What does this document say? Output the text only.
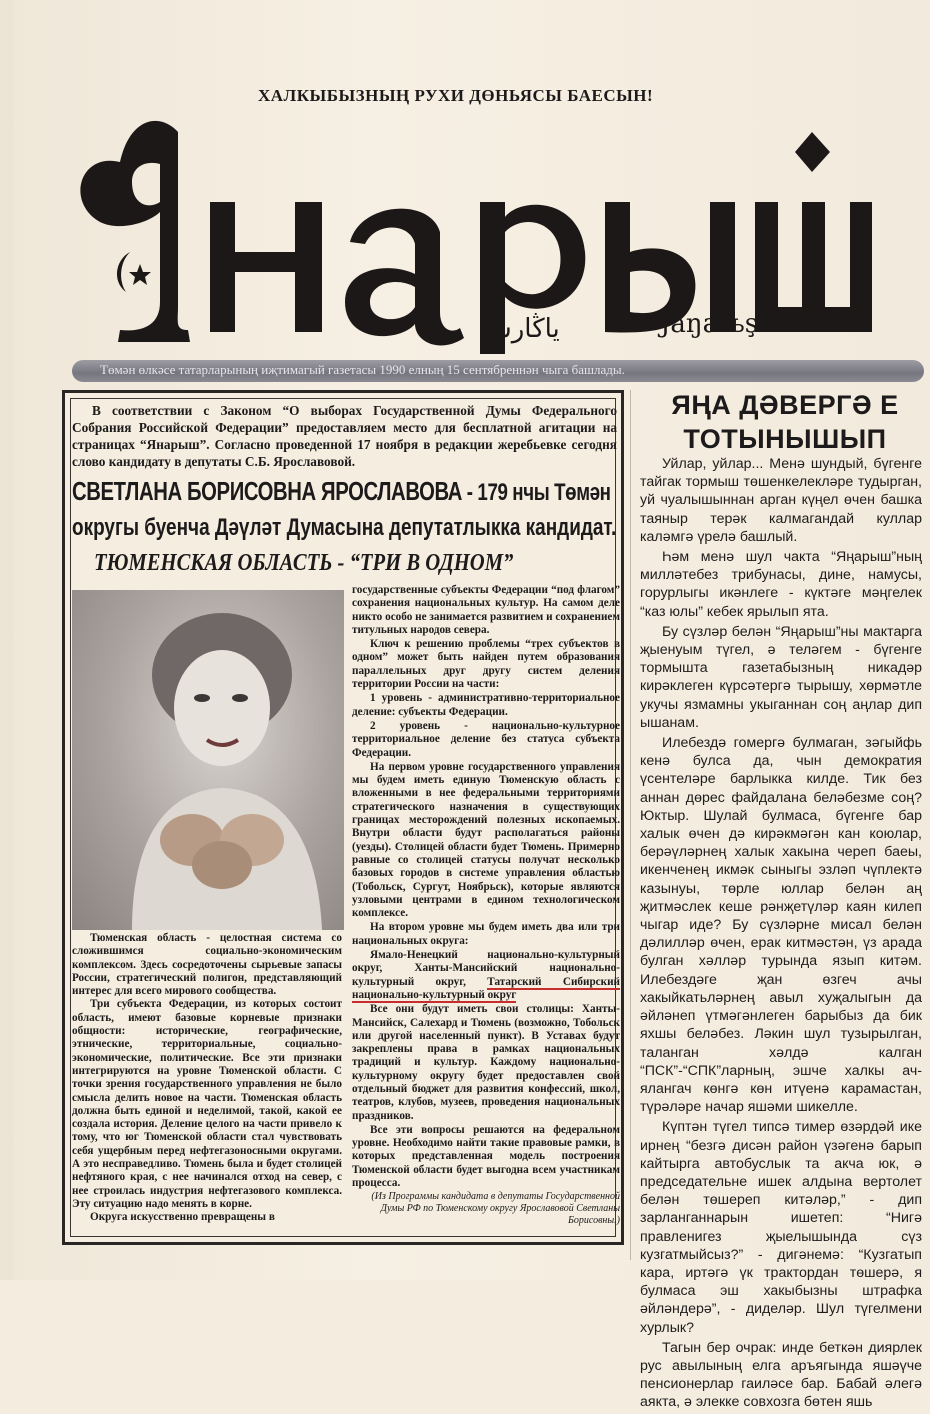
ХАЛКЫБЫЗНЫҢ РУХИ ДӨНЬЯСЫ БАЕСЫН!
ياڭارش	Jaŋarьş
Төмән өлкәсе татарларының иҗтимагый газетасы 1990 елның 15 сентябреннән чыга башлады.
В соответствии с Законом “О выборах Государственной Думы Федерального Собрания Российской Федерации” предоставляем место для бесплатной агитации на страницах “Янарыш”. Согласно проведенной 17 ноября в редакции жеребьевке сегодня слово кандидату в депутаты С.Б. Ярославовой.
СВЕТЛАНА БОРИСОВНА ЯРОСЛАВОВА - 179 нчы Төмән
округы буенча Дәүләт Думасына депутатлыкка кандидат.
ТЮМЕНСКАЯ ОБЛАСТЬ - “ТРИ В ОДНОМ”

Тюменская область - целостная система со сложившимся социально-экономическим комплексом. Здесь сосредоточены сырьевые запасы России, стратегический полигон, представляющий интерес для всего мирового сообщества.

Три субъекта Федерации, из которых состоит область, имеют базовые корневые признаки общности: исторические, географические, этнические, территориальные, социально-экономические, политические. Все эти признаки интегрируются на уровне Тюменской области. С точки зрения государственного управления не было смысла делить новое на части. Тюменская область должна быть единой и неделимой, такой, какой ее создала история. Деление целого на части привело к тому, что юг Тюменской области стал чувствовать себя ущербным перед нефтегазоносными округами. А это несправедливо. Тюмень была и будет столицей нефтяного края, с нее начинался отход на север, с нее строилась индустрия нефтегазового комплекса. Эту ситуацию надо менять в корне.

Округа искусственно превращены в

государственные субъекты Федерации “под флагом” сохранения национальных культур. На самом деле никто особо не занимается развитием и сохранением титульных народов севера.

Ключ к решению проблемы “трех субъектов в одном” может быть найден путем образования параллельных друг другу систем деления территории России на части:

1 уровень - административно-территориальное деление: субъекты Федерации.

2 уровень - национально-культурное территориальное деление без статуса субъекта Федерации.

На первом уровне государственного управления мы будем иметь единую Тюменскую область с вложенными в нее федеральными территориями стратегического назначения в существующих границах месторождений полезных ископаемых. Внутри области будут располагаться районы (уезды). Столицей области будет Тюмень. Примерно равные со столицей статусы получат несколько базовых городов в системе управления областью (Тобольск, Сургут, Ноябрьск), которые являются узловыми центрами в едином технологическом комплексе.

На втором уровне мы будем иметь два или три национальных округа:

Ямало-Ненецкий национально-культурный округ, Ханты-Мансийский национально-культурный округ, Татарский Сибирский национально-культурный округ

Все они будут иметь свои столицы: Ханты-Мансийск, Салехард и Тюмень (возможно, Тобольск или другой населенный пункт). В Уставах будут закреплены права в рамках национальных традиций и культур. Каждому национально-культурному округу будет предоставлен свой отдельный бюджет для развития конфессий, школ, театров, клубов, музеев, проведения национальных праздников.

Все эти вопросы решаются на федеральном уровне. Необходимо найти такие правовые рамки, в которых представленная модель построения Тюменской области будет выгодна всем участникам процесса.

(Из Программы кандидата в депутаты Государственной Думы РФ по Тюменскому округу Ярославовой Светланы Борисовны.)

ЯҢА ДӘВЕРГӘ Е
ТОТЫНЫШЫП

Уйлар, уйлар... Менә шундый, бүгенге тайгак тормыш төшенкелекләре тудырган, уй чуалышыннан арган күңел өчен башка таяныр терәк калмагандай куллар каләмгә үрелә башлый.

Һәм менә шул чакта “Яңарыш”ның милләтебез трибунасы, дине, намусы, горурлыгы икәнлеге - күктәге мәңгелек “каз юлы” кебек ярылып ята.

Бу сүзләр белән “Яңарыш”ны мактарга җыенуым түгел, ә теләгем - бүгенге тормышта газетабызның никадәр кирәклеген күрсәтергә тырышу, хөрмәтле укучы язмамны укыганнан соң аңлар дип ышанам.

Илебездә гомергә булмаган, зәгыйфь кенә булса да, чын демократия үсентеләре барлыкка килде. Тик без аннан дөрес файдалана беләбезме соң? Юктыр. Шулай булмаса, бүгенге бар халык өчен дә кирәкмәгән кан коюлар, берәүләрнең халык хакына череп баеы, икенченең икмәк сыныгы эзләп чүплектә казынуы, төрле юллар белән аң җитмәслек кеше рәнҗетүләр каян килеп чыгар иде? Бу сүзләрне мисал белән дәлилләр өчен, ерак китмәстән, үз арада булган хәлләр турында язып китәм. Илебездәге җан өзгеч ачы хакыйкатьләрнең авыл хуҗалыгын да әйләнеп үтмәгәнлеген барыбыз да бик яхшы беләбез. Ләкин шул тузырылган, таланган хәлдә калган “ПСК”-“СПК”ларның, эшче халкы ач-ялангач көнгә көн итүенә карамастан, түрәләре начар яшәми шикелле.

Күптән түгел типсә тимер өзәрдәй ике ирнең “безгә дисән район үзәгенә барып кайтырга автобуслык та акча юк, ә председательне ишек алдына вертолет белән төшереп китәләр,” - дип зарланганнарын ишетеп: “Нигә правленигез җыелышында сүз кузгатмыйсыз?” - дигәнемә: “Кузгатып кара, иртәгә үк трактордан төшерә, я булмаса эш хакыбызны штрафка әйләндерә”, - диделәр. Шул түгелмени хурлык?

Тагын бер очрак: инде беткән диярлек рус авылының елга аръягында яшәүче пенсионерлар гаиләсе бар. Бабай әлегә аякта, ә элекке совхозга бөтен яшь
